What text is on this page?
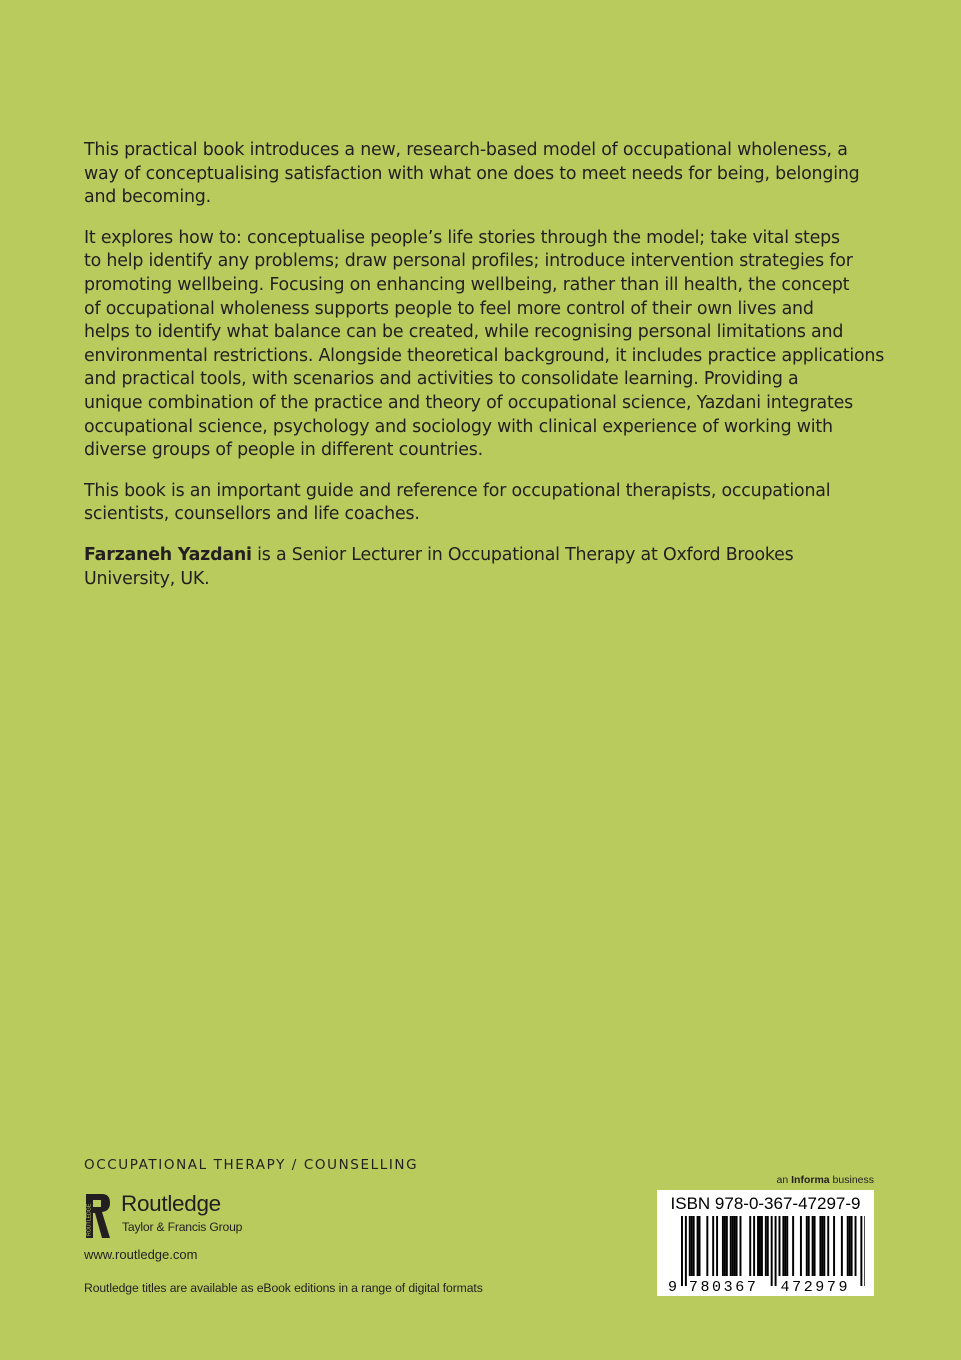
This practical book introduces a new, research-based model of occupational wholeness, a
way of conceptualising satisfaction with what one does to meet needs for being, belonging
and becoming.

It explores how to: conceptualise people’s life stories through the model; take vital steps
to help identify any problems; draw personal profiles; introduce intervention strategies for
promoting wellbeing. Focusing on enhancing wellbeing, rather than ill health, the concept
of occupational wholeness supports people to feel more control of their own lives and
helps to identify what balance can be created, while recognising personal limitations and
environmental restrictions. Alongside theoretical background, it includes practice applications
and practical tools, with scenarios and activities to consolidate learning. Providing a
unique combination of the practice and theory of occupational science, Yazdani integrates
occupational science, psychology and sociology with clinical experience of working with
diverse groups of people in different countries.

This book is an important guide and reference for occupational therapists, occupational
scientists, counsellors and life coaches.

Farzaneh Yazdani is a Senior Lecturer in Occupational Therapy at Oxford Brookes
University, UK.

OCCUPATIONAL THERAPY / COUNSELLING
ROUTLEDGE
Routledge
Taylor & Francis Group
www.routledge.com
Routledge titles are available as eBook editions in a range of digital formats
an Informa business
ISBN 978-0-367-47297-9
9 780367 472979
